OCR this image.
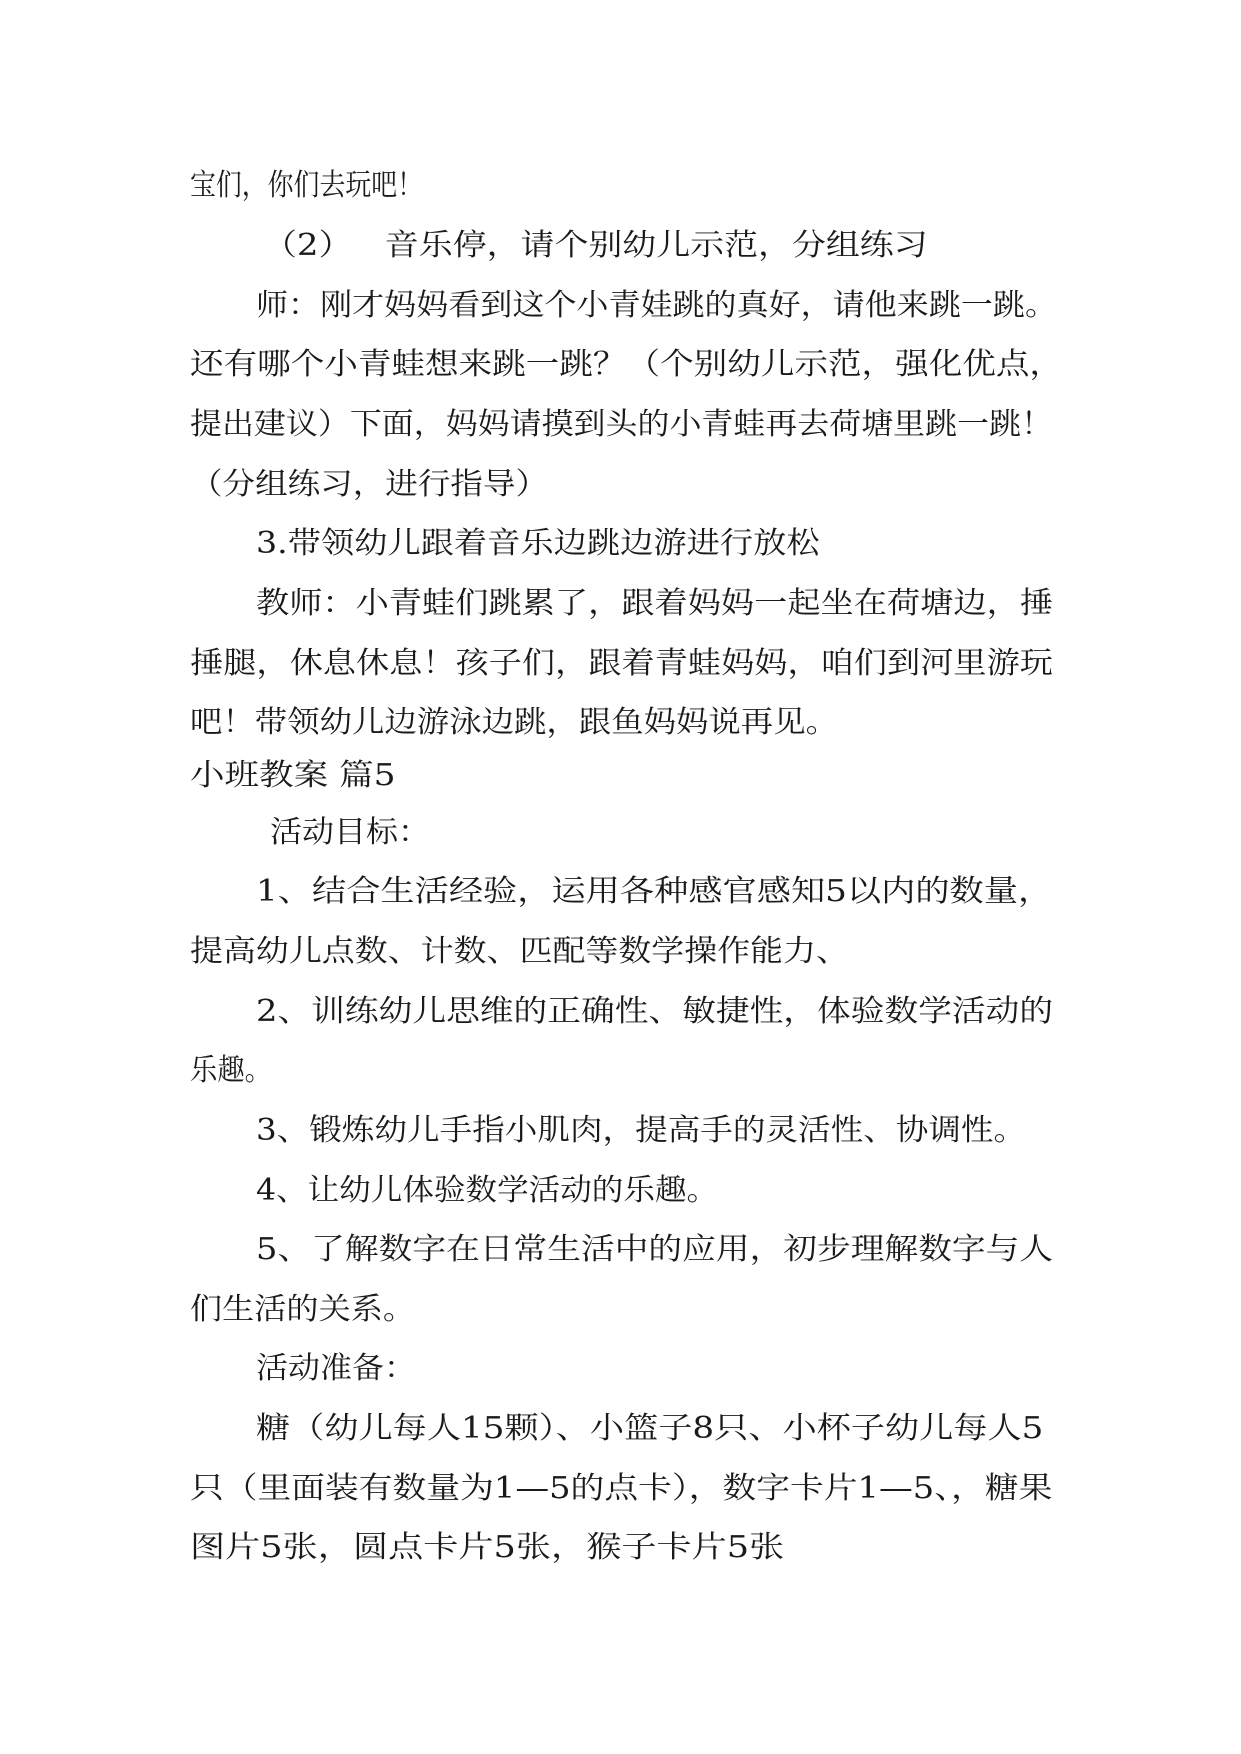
宝们，你们去玩吧！
（2）   音乐停，请个别幼儿示范，分组练习
师：刚才妈妈看到这个小青娃跳的真好，请他来跳一跳。
还有哪个小青蛙想来跳一跳？（个别幼儿示范，强化优点，
提出建议）下面，妈妈请摸到头的小青蛙再去荷塘里跳一跳！
（分组练习，进行指导）
3.带领幼儿跟着音乐边跳边游进行放松
教师：小青蛙们跳累了，跟着妈妈一起坐在荷塘边，捶
捶腿，休息休息！孩子们，跟着青蛙妈妈，咱们到河里游玩
吧！带领幼儿边游泳边跳，跟鱼妈妈说再见。
小班教案 篇5
活动目标：
1、结合生活经验，运用各种感官感知5以内的数量，
提高幼儿点数、计数、匹配等数学操作能力、
2、训练幼儿思维的正确性、敏捷性，体验数学活动的
乐趣。
3、锻炼幼儿手指小肌肉，提高手的灵活性、协调性。
4、让幼儿体验数学活动的乐趣。
5、了解数字在日常生活中的应用，初步理解数字与人
们生活的关系。
活动准备：
糖（幼儿每人15颗）、小篮子8只、小杯子幼儿每人5
只（里面装有数量为1—5的点卡），数字卡片1—5、，糖果
图片5张，圆点卡片5张，猴子卡片5张
